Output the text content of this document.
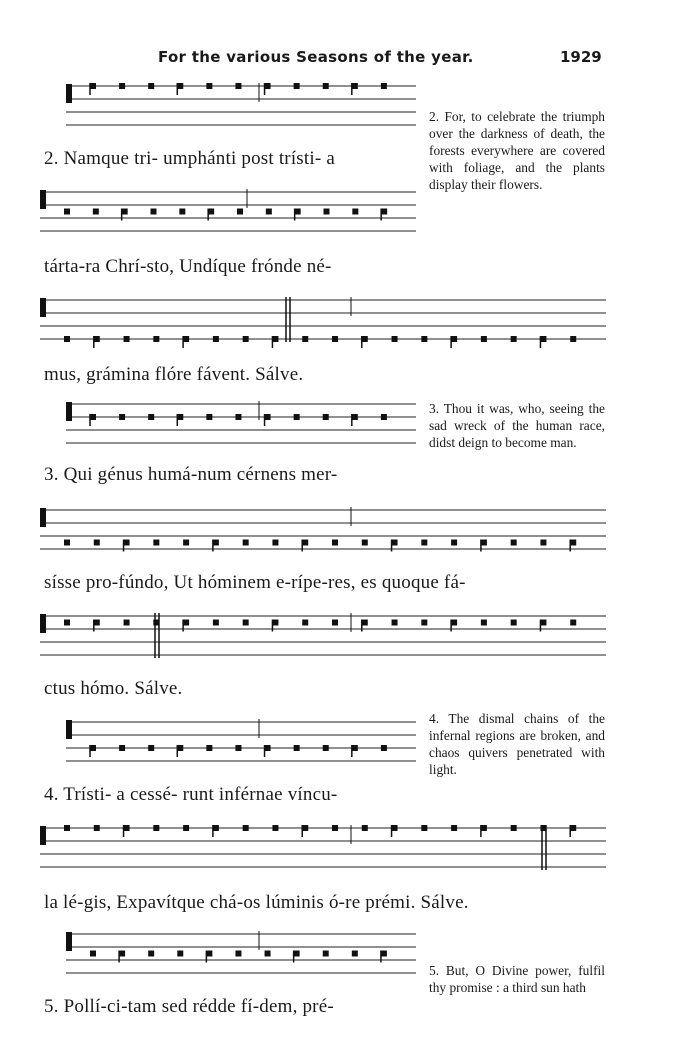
For the various Seasons of the year.	1929
2. Namque tri- umphánti post trísti- a
tárta-ra Chrí-sto, Undíque frónde né-
mus, grámina flóre fávent. Sálve.
3. Qui génus humá-num cérnens mer-
sísse pro-fúndo, Ut hóminem e-rípe-res, es quoque fá-
ctus hómo. Sálve.
4. Trísti- a cessé- runt inférnae víncu-
la lé-gis, Expavítque chá-os lúminis ó-re prémi. Sálve.
5. Pollí-ci-tam sed rédde fí-dem, pré-

2. For, to celebrate the triumph over the darkness of death, the forests everywhere are covered with foliage, and the plants display their flowers.

3. Thou it was, who, seeing the sad wreck of the human race, didst deign to become man.

4. The dismal chains of the infernal regions are broken, and chaos quivers penetrated with light.

5. But, O Divine power, fulfil thy promise : a third sun hath
